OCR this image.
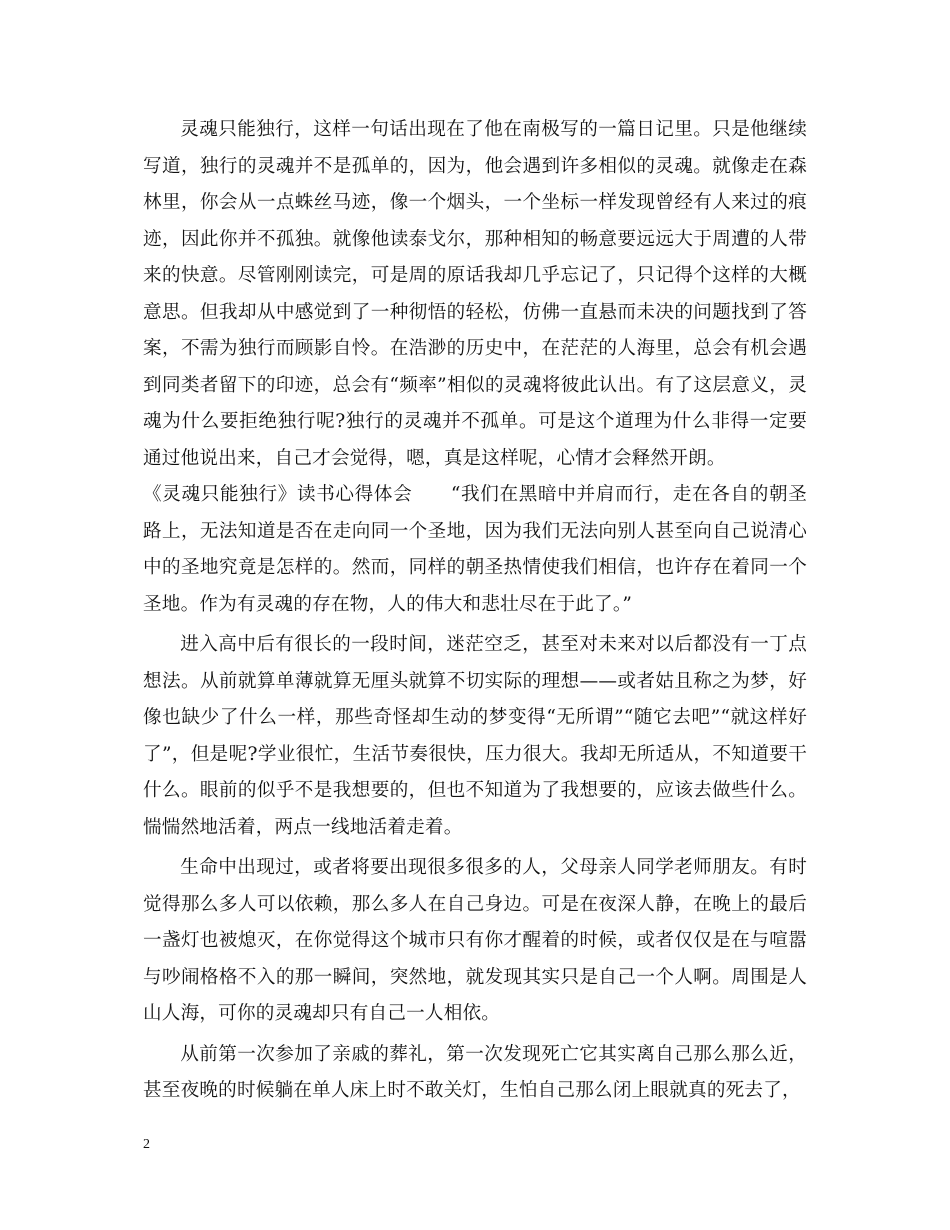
灵魂只能独行，这样一句话出现在了他在南极写的一篇日记里。只是他继续写道，独行的灵魂并不是孤单的，因为，他会遇到许多相似的灵魂。就像走在森林里，你会从一点蛛丝马迹，像一个烟头，一个坐标一样发现曾经有人来过的痕迹，因此你并不孤独。就像他读泰戈尔，那种相知的畅意要远远大于周遭的人带来的快意。尽管刚刚读完，可是周的原话我却几乎忘记了，只记得个这样的大概意思。但我却从中感觉到了一种彻悟的轻松，仿佛一直悬而未决的问题找到了答案，不需为独行而顾影自怜。在浩渺的历史中，在茫茫的人海里，总会有机会遇到同类者留下的印迹，总会有“频率”相似的灵魂将彼此认出。有了这层意义，灵魂为什么要拒绝独行呢?独行的灵魂并不孤单。可是这个道理为什么非得一定要通过他说出来，自己才会觉得，嗯，真是这样呢，心情才会释然开朗。

《灵魂只能独行》读书心得体会　　“我们在黑暗中并肩而行，走在各自的朝圣路上，无法知道是否在走向同一个圣地，因为我们无法向别人甚至向自己说清心中的圣地究竟是怎样的。然而，同样的朝圣热情使我们相信，也许存在着同一个圣地。作为有灵魂的存在物，人的伟大和悲壮尽在于此了。”

进入高中后有很长的一段时间，迷茫空乏，甚至对未来对以后都没有一丁点想法。从前就算单薄就算无厘头就算不切实际的理想——或者姑且称之为梦，好像也缺少了什么一样，那些奇怪却生动的梦变得“无所谓”“随它去吧”“就这样好了”，但是呢?学业很忙，生活节奏很快，压力很大。我却无所适从，不知道要干什么。眼前的似乎不是我想要的，但也不知道为了我想要的，应该去做些什么。惴惴然地活着，两点一线地活着走着。

生命中出现过，或者将要出现很多很多的人，父母亲人同学老师朋友。有时觉得那么多人可以依赖，那么多人在自己身边。可是在夜深人静，在晚上的最后一盏灯也被熄灭，在你觉得这个城市只有你才醒着的时候，或者仅仅是在与喧嚣与吵闹格格不入的那一瞬间，突然地，就发现其实只是自己一个人啊。周围是人山人海，可你的灵魂却只有自己一人相依。

从前第一次参加了亲戚的葬礼，第一次发现死亡它其实离自己那么那么近，甚至夜晚的时候躺在单人床上时不敢关灯，生怕自己那么闭上眼就真的死去了，

2
